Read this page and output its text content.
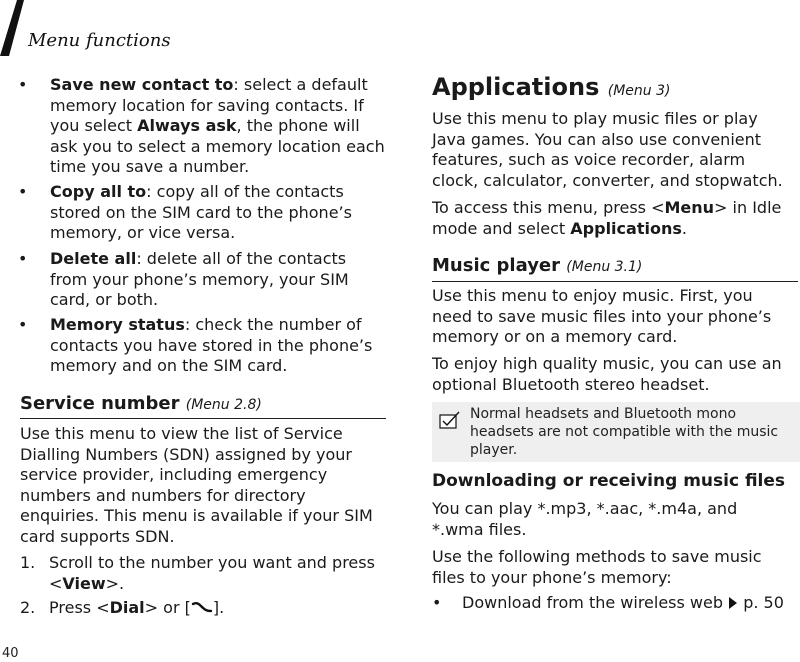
Menu functions
• Save new contact to: select a default
memory location for saving contacts. If
you select Always ask, the phone will
ask you to select a memory location each
time you save a number.
• Copy all to: copy all of the contacts
stored on the SIM card to the phone’s
memory, or vice versa.
• Delete all: delete all of the contacts
from your phone’s memory, your SIM
card, or both.
• Memory status: check the number of
contacts you have stored in the phone’s
memory and on the SIM card.
Service number (Menu 2.8)
Use this menu to view the list of Service
Dialling Numbers (SDN) assigned by your
service provider, including emergency
numbers and numbers for directory
enquiries. This menu is available if your SIM
card supports SDN.
1. Scroll to the number you want and press
<View>.
2. Press <Dial> or [ ].
Applications (Menu 3)
Use this menu to play music files or play
Java games. You can also use convenient
features, such as voice recorder, alarm
clock, calculator, converter, and stopwatch.
To access this menu, press <Menu> in Idle
mode and select Applications.
Music player (Menu 3.1)
Use this menu to enjoy music. First, you
need to save music files into your phone’s
memory or on a memory card.
To enjoy high quality music, you can use an
optional Bluetooth stereo headset.
Normal headsets and Bluetooth mono headsets are not compatible with the music player.
Downloading or receiving music files
You can play *.mp3, *.aac, *.m4a, and
*.wma files.
Use the following methods to save music
files to your phone’s memory:
• Download from the wireless web p. 50
40
